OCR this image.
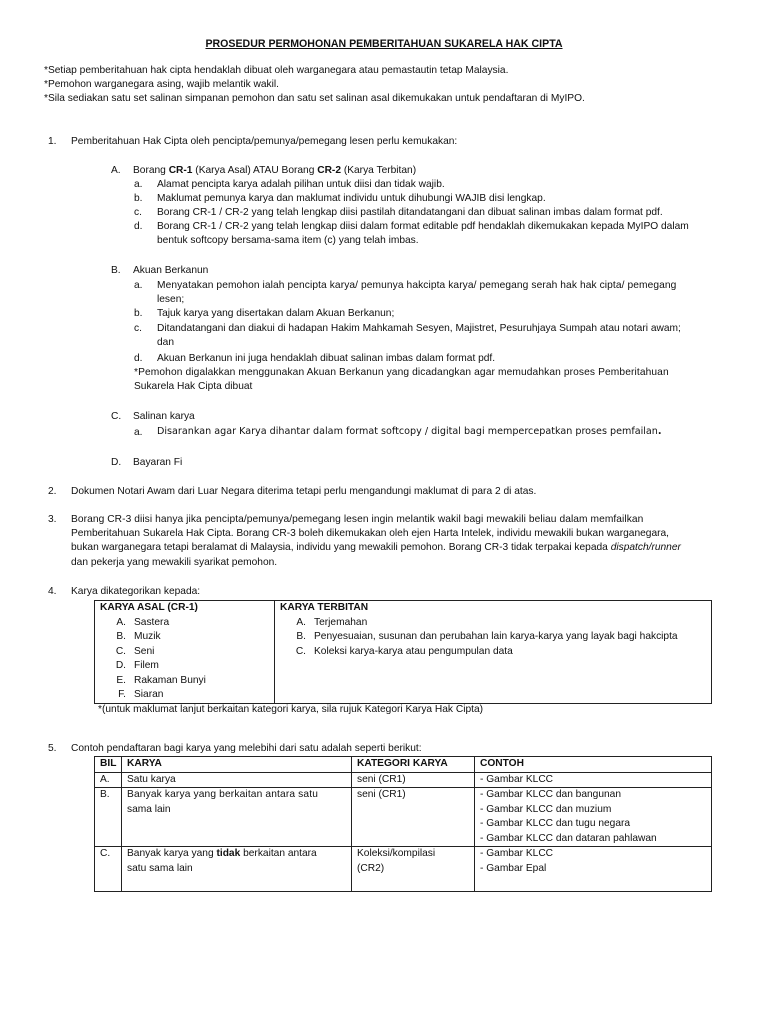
PROSEDUR PERMOHONAN PEMBERITAHUAN SUKARELA HAK CIPTA
*Setiap pemberitahuan hak cipta hendaklah dibuat oleh warganegara atau pemastautin tetap Malaysia.
*Pemohon warganegara asing, wajib melantik wakil.
*Sila sediakan satu set salinan simpanan pemohon dan satu set salinan asal dikemukakan untuk pendaftaran di MyIPO.
1. Pemberitahuan Hak Cipta oleh pencipta/pemunya/pemegang lesen perlu kemukakan:
A. Borang CR-1 (Karya Asal) ATAU Borang CR-2 (Karya Terbitan)
a. Alamat pencipta karya adalah pilihan untuk diisi dan tidak wajib.
b. Maklumat pemunya karya dan maklumat individu untuk dihubungi WAJIB disi lengkap.
c. Borang CR-1 / CR-2 yang telah lengkap diisi pastilah ditandatangani dan dibuat salinan imbas dalam format pdf.
d. Borang CR-1 / CR-2 yang telah lengkap diisi dalam format editable pdf hendaklah dikemukakan kepada MyIPO dalam
bentuk softcopy bersama-sama item (c) yang telah imbas.
B. Akuan Berkanun
a. Menyatakan pemohon ialah pencipta karya/ pemunya hakcipta karya/ pemegang serah hak hak cipta/ pemegang
lesen;
b. Tajuk karya yang disertakan dalam Akuan Berkanun;
c. Ditandatangani dan diakui di hadapan Hakim Mahkamah Sesyen, Majistret, Pesuruhjaya Sumpah atau notari awam;
dan
d. Akuan Berkanun ini juga hendaklah dibuat salinan imbas dalam format pdf.
*Pemohon digalakkan menggunakan Akuan Berkanun yang dicadangkan agar memudahkan proses Pemberitahuan
Sukarela Hak Cipta dibuat
C. Salinan karya
a. Disarankan agar Karya dihantar dalam format softcopy / digital bagi mempercepatkan proses pemfailan.
D. Bayaran Fi
2. Dokumen Notari Awam dari Luar Negara diterima tetapi perlu mengandungi maklumat di para 2 di atas.
3. Borang CR-3 diisi hanya jika pencipta/pemunya/pemegang lesen ingin melantik wakil bagi mewakili beliau dalam memfailkan
Pemberitahuan Sukarela Hak Cipta. Borang CR-3 boleh dikemukakan oleh ejen Harta Intelek, individu mewakili bukan warganegara,
bukan warganegara tetapi beralamat di Malaysia, individu yang mewakili pemohon. Borang CR-3 tidak terpakai kepada dispatch/runner
dan pekerja yang mewakili syarikat pemohon.
4. Karya dikategorikan kepada:
KARYA ASAL (CR-1)
A. Sastera
B. Muzik
C. Seni
D. Filem
E. Rakaman Bunyi
F. Siaran

KARYA TERBITAN
A. Terjemahan
B. Penyesuaian, susunan dan perubahan lain karya-karya yang layak bagi hakcipta
C. Koleksi karya-karya atau pengumpulan data
*(untuk maklumat lanjut berkaitan kategori karya, sila rujuk Kategori Karya Hak Cipta)
5. Contoh pendaftaran bagi karya yang melebihi dari satu adalah seperti berikut:
BIL	KARYA	KATEGORI KARYA	CONTOH
A.	Satu karya	seni (CR1)	- Gambar KLCC

B.	Banyak karya yang berkaitan antara satu
sama lain	seni (CR1)	- Gambar KLCC dan bangunan
- Gambar KLCC dan muzium
- Gambar KLCC dan tugu negara
- Gambar KLCC dan dataran pahlawan

C.	Banyak karya yang tidak berkaitan antara
satu sama lain	Koleksi/kompilasi
(CR2)	- Gambar KLCC
- Gambar Epal
